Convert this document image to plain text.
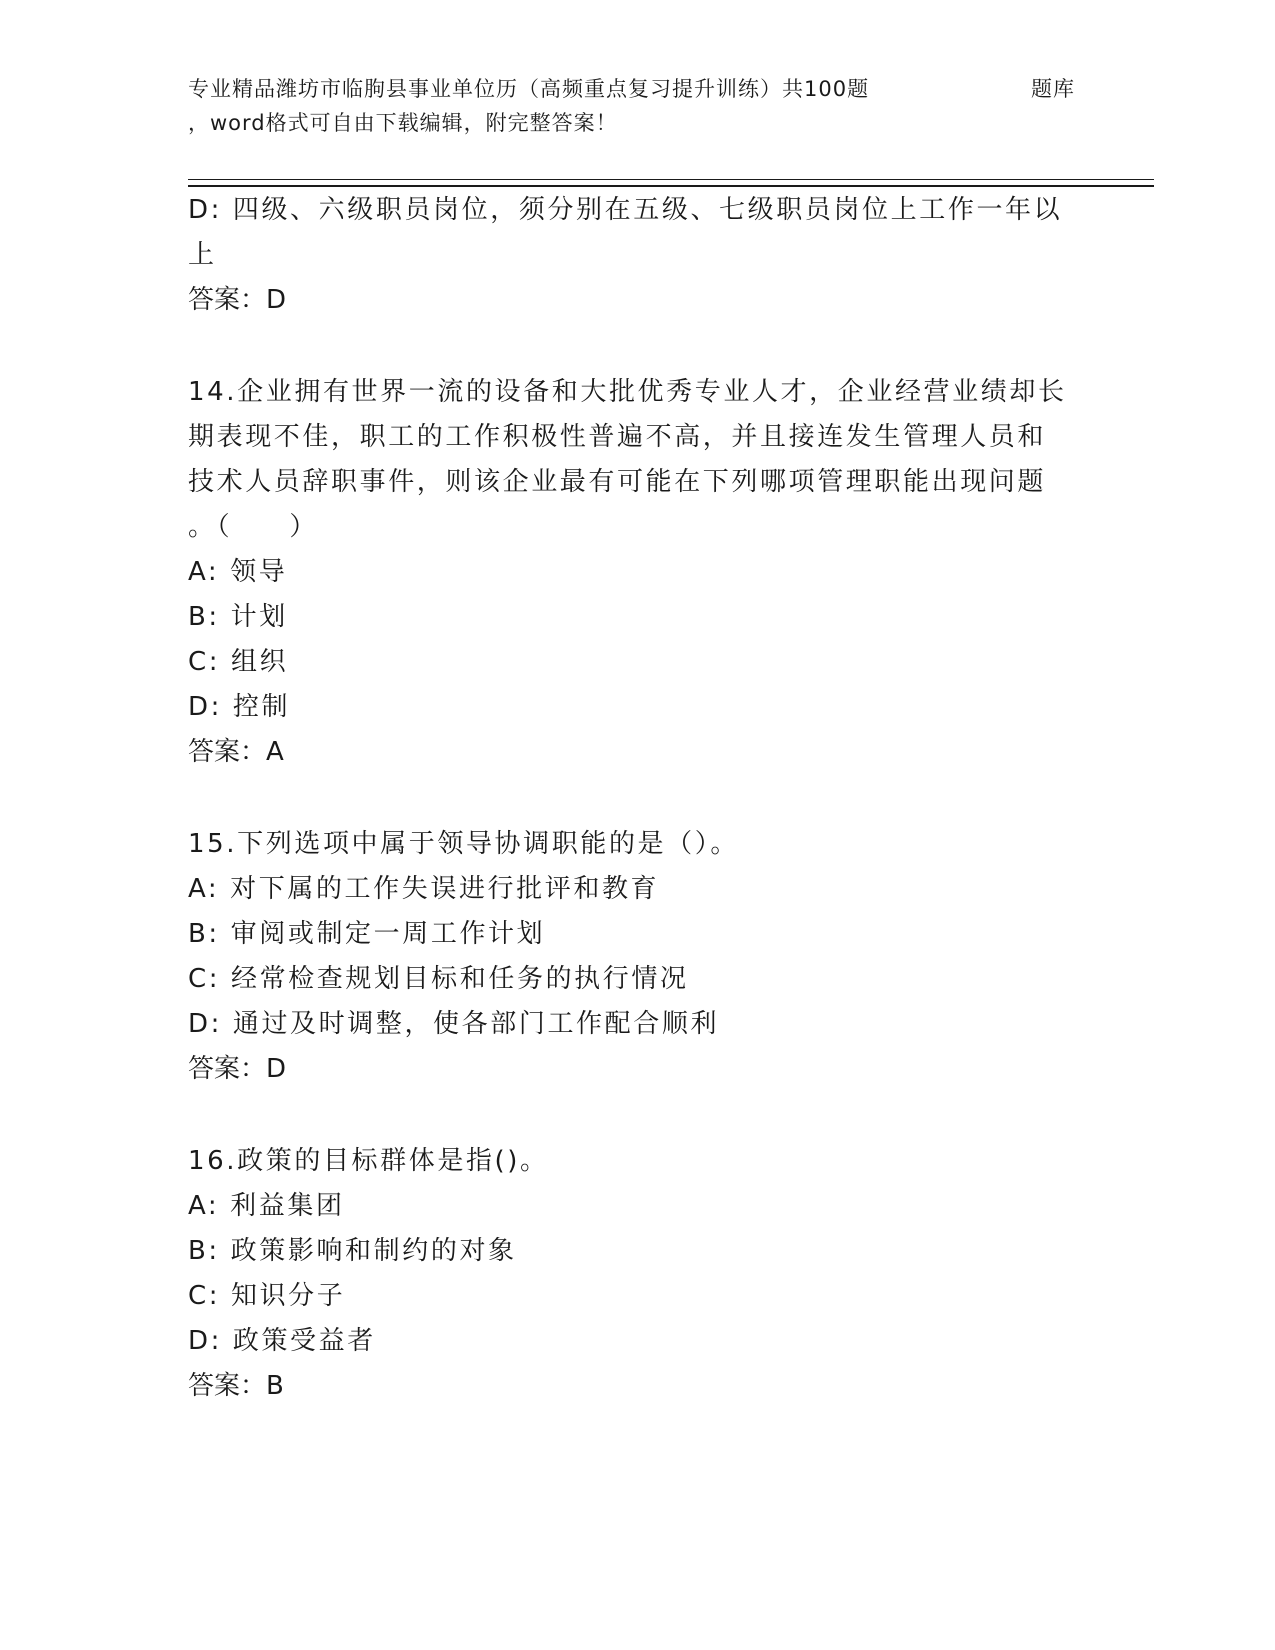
专业精品潍坊市临朐县事业单位历（高频重点复习提升训练）共100题	题库
，word格式可自由下载编辑，附完整答案！
D: 四级、六级职员岗位，须分别在五级、七级职员岗位上工作一年以
上
答案：D
14.企业拥有世界一流的设备和大批优秀专业人才，企业经营业绩却长
期表现不佳，职工的工作积极性普遍不高，并且接连发生管理人员和
技术人员辞职事件，则该企业最有可能在下列哪项管理职能出现问题
。（　　）
A: 领导
B: 计划
C: 组织
D: 控制
答案：A
15.下列选项中属于领导协调职能的是（）。
A: 对下属的工作失误进行批评和教育
B: 审阅或制定一周工作计划
C: 经常检查规划目标和任务的执行情况
D: 通过及时调整，使各部门工作配合顺利
答案：D
16.政策的目标群体是指()。
A: 利益集团
B: 政策影响和制约的对象
C: 知识分子
D: 政策受益者
答案：B
